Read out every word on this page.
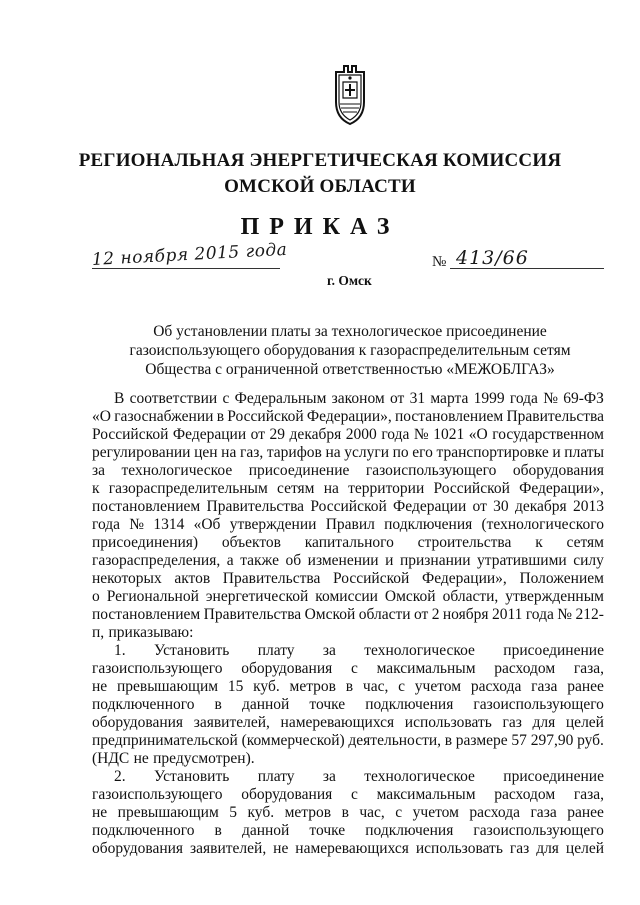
РЕГИОНАЛЬНАЯ ЭНЕРГЕТИЧЕСКАЯ КОМИССИЯ
ОМСКОЙ ОБЛАСТИ
ПРИКАЗ
12 ноября 2015 года
г. Омск
№ 413/66
Об установлении платы за технологическое присоединение
газоиспользующего оборудования к газораспределительным сетям
Общества с ограниченной ответственностью «МЕЖОБЛГАЗ»
В соответствии с Федеральным законом от 31 марта 1999 года № 69-ФЗ
«О газоснабжении в Российской Федерации», постановлением Правительства
Российской Федерации от 29 декабря 2000 года № 1021 «О государственном
регулировании цен на газ, тарифов на услуги по его транспортировке и платы
за технологическое присоединение газоиспользующего оборудования
к газораспределительным сетям на территории Российской Федерации»,
постановлением Правительства Российской Федерации от 30 декабря 2013
года № 1314 «Об утверждении Правил подключения (технологического
присоединения) объектов капитального строительства к сетям
газораспределения, а также об изменении и признании утратившими силу
некоторых актов Правительства Российской Федерации», Положением
о Региональной энергетической комиссии Омской области, утвержденным
постановлением Правительства Омской области от 2 ноября 2011 года № 212-
п, приказываю:
1. Установить плату за технологическое присоединение
газоиспользующего оборудования с максимальным расходом газа,
не превышающим 15 куб. метров в час, с учетом расхода газа ранее
подключенного в данной точке подключения газоиспользующего
оборудования заявителей, намеревающихся использовать газ для целей
предпринимательской (коммерческой) деятельности, в размере 57 297,90 руб.
(НДС не предусмотрен).
2. Установить плату за технологическое присоединение
газоиспользующего оборудования с максимальным расходом газа,
не превышающим 5 куб. метров в час, с учетом расхода газа ранее
подключенного в данной точке подключения газоиспользующего
оборудования заявителей, не намеревающихся использовать газ для целей
